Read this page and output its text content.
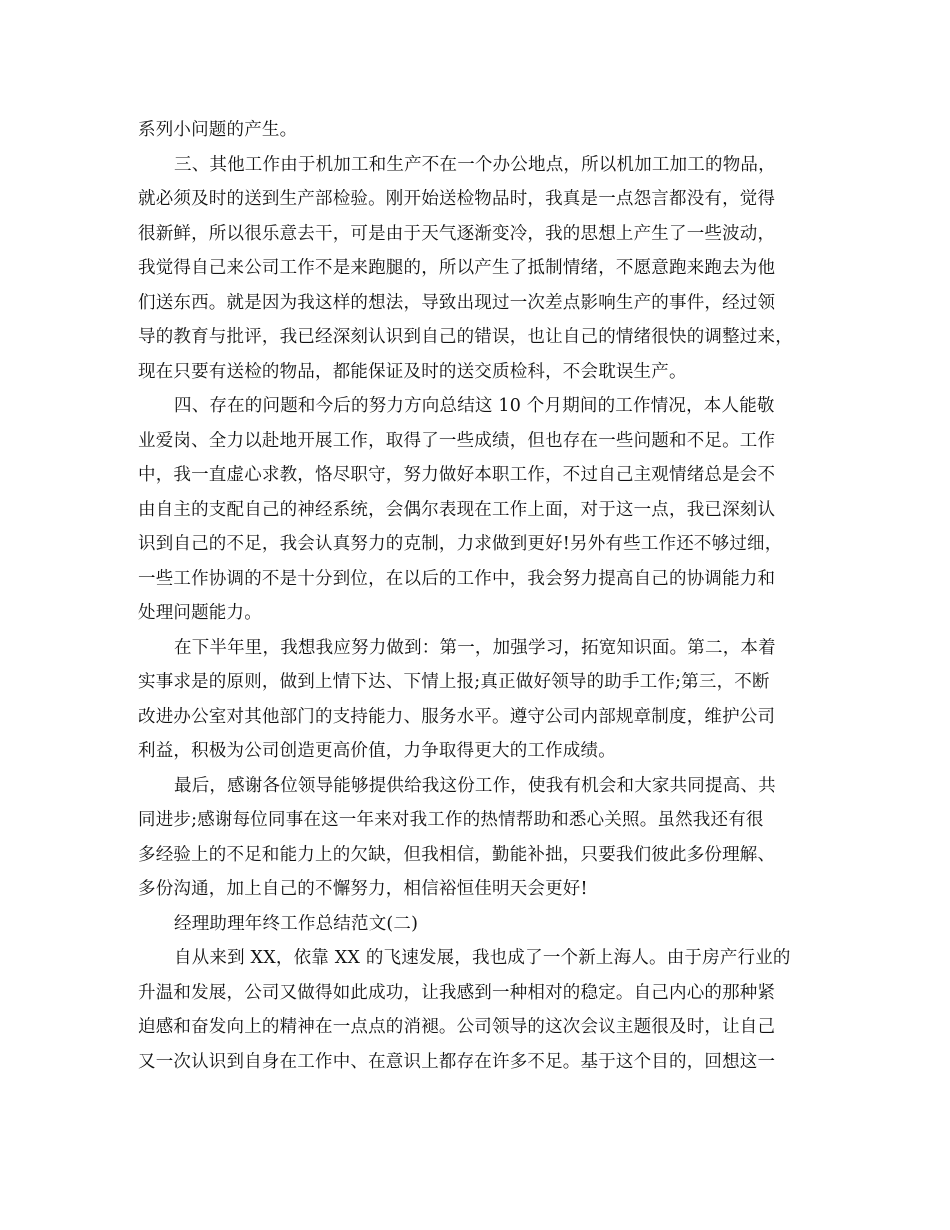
系列小问题的产生。
三、其他工作由于机加工和生产不在一个办公地点，所以机加工加工的物品，
就必须及时的送到生产部检验。刚开始送检物品时，我真是一点怨言都没有，觉得
很新鲜，所以很乐意去干，可是由于天气逐渐变冷，我的思想上产生了一些波动，
我觉得自己来公司工作不是来跑腿的，所以产生了抵制情绪，不愿意跑来跑去为他
们送东西。就是因为我这样的想法，导致出现过一次差点影响生产的事件，经过领
导的教育与批评，我已经深刻认识到自己的错误，也让自己的情绪很快的调整过来，
现在只要有送检的物品，都能保证及时的送交质检科，不会耽误生产。
四、存在的问题和今后的努力方向总结这 10 个月期间的工作情况，本人能敬
业爱岗、全力以赴地开展工作，取得了一些成绩，但也存在一些问题和不足。工作
中，我一直虚心求教，恪尽职守，努力做好本职工作，不过自己主观情绪总是会不
由自主的支配自己的神经系统，会偶尔表现在工作上面，对于这一点，我已深刻认
识到自己的不足，我会认真努力的克制，力求做到更好!另外有些工作还不够过细，
一些工作协调的不是十分到位，在以后的工作中，我会努力提高自己的协调能力和
处理问题能力。
在下半年里，我想我应努力做到：第一，加强学习，拓宽知识面。第二，本着
实事求是的原则，做到上情下达、下情上报;真正做好领导的助手工作;第三，不断
改进办公室对其他部门的支持能力、服务水平。遵守公司内部规章制度，维护公司
利益，积极为公司创造更高价值，力争取得更大的工作成绩。
最后，感谢各位领导能够提供给我这份工作，使我有机会和大家共同提高、共
同进步;感谢每位同事在这一年来对我工作的热情帮助和悉心关照。虽然我还有很
多经验上的不足和能力上的欠缺，但我相信，勤能补拙，只要我们彼此多份理解、
多份沟通，加上自己的不懈努力，相信裕恒佳明天会更好!
经理助理年终工作总结范文(二)
自从来到 XX，依靠 XX 的飞速发展，我也成了一个新上海人。由于房产行业的
升温和发展，公司又做得如此成功，让我感到一种相对的稳定。自己内心的那种紧
迫感和奋发向上的精神在一点点的消褪。公司领导的这次会议主题很及时，让自己
又一次认识到自身在工作中、在意识上都存在许多不足。基于这个目的，回想这一
